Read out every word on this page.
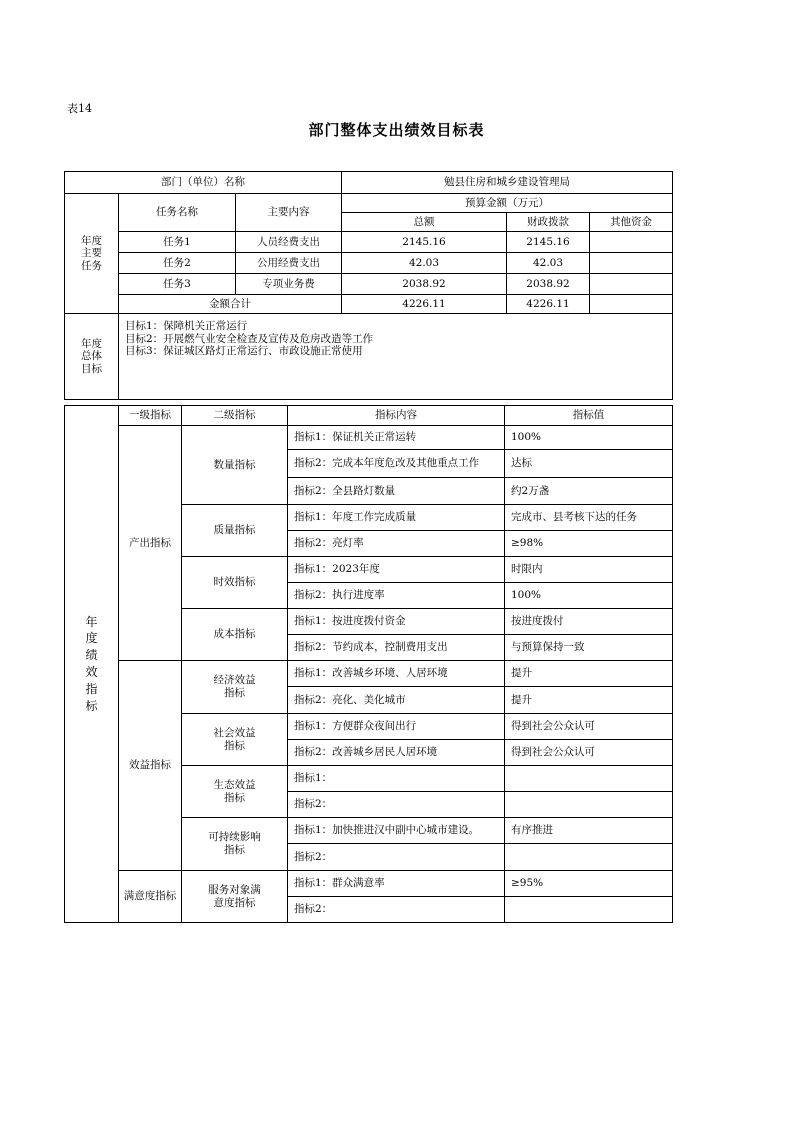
表14
部门整体支出绩效目标表
部门（单位）名称			勉县住房和城乡建设管理局		

年度主要任务	任务名称	主要内容	预算金额（万元）		
			总额	财政拨款	其他资金
	任务1	人员经费支出	2145.16	2145.16	
	任务2	公用经费支出	42.03	42.03	
	任务3	专项业务费	2038.92	2038.92	
	金额合计		4226.11	4226.11	

年度总体目标	目标1：保障机关正常运行
目标2：开展燃气业安全检查及宣传及危房改造等工作
目标3：保证城区路灯正常运行、市政设施正常使用				
年度绩效指标	一级指标	二级指标	指标内容	指标值
	产出指标	数量指标	指标1：保证机关正常运转	100%
			指标2：完成本年度危改及其他重点工作	达标
			指标2：全县路灯数量	约2万盏
		质量指标	指标1：年度工作完成质量	完成市、县考核下达的任务
			指标2：亮灯率	≥98%
		时效指标	指标1：2023年度	时限内
			指标2：执行进度率	100%
		成本指标	指标1：按进度拨付资金	按进度拨付
			指标2：节约成本，控制费用支出	与预算保持一致
	效益指标	经济效益指标	指标1：改善城乡环境、人居环境	提升
			指标2：亮化、美化城市	提升

		社会效益指标	指标1：方便群众夜间出行	得到社会公众认可
			指标2：改善城乡居民人居环境	得到社会公众认可

		生态效益指标	指标1：	
			指标2：	

		可持续影响指标	指标1：加快推进汉中副中心城市建设。	有序推进
			指标2：	
	满意度指标	服务对象满意度指标	指标1：群众满意率	≥95%
			指标2：	
